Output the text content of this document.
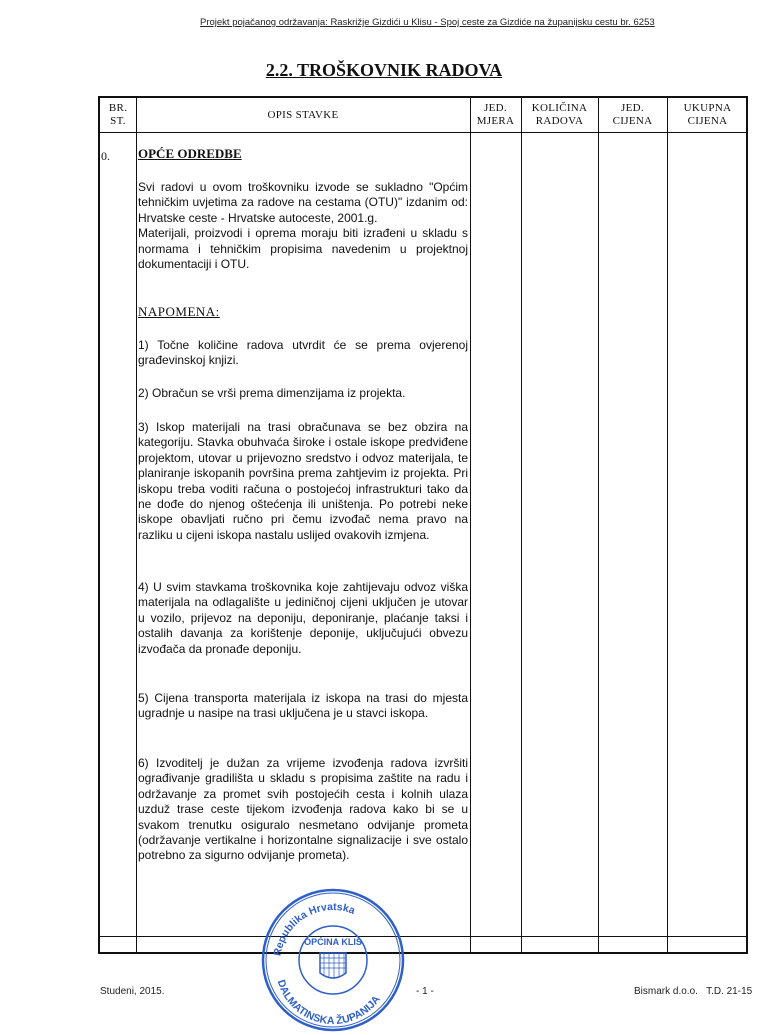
Projekt pojačanog održavanja: Raskrižje Gizdići u Klisu - Spoj ceste za Gizdiće na županijsku cestu br. 6253
2.2. TROŠKOVNIK RADOVA
BR.
ST.
OPIS STAVKE
JED.
MJERA
KOLIČINA
RADOVA
JED.
CIJENA
UKUPNA
CIJENA
0. OPĆE ODREDBE

Svi radovi u ovom troškovniku izvode se sukladno "Općim tehničkim uvjetima za radove na cestama (OTU)" izdanim od: Hrvatske ceste - Hrvatske autoceste, 2001.g.

Materijali, proizvodi i oprema moraju biti izrađeni u skladu s normama i tehničkim propisima navedenim u projektnoj dokumentaciji i OTU.

NAPOMENA:
1) Točne količine radova utvrdit će se prema ovjerenoj građevinskoj knjizi.
2) Obračun se vrši prema dimenzijama iz projekta.
3) Iskop materijali na trasi obračunava se bez obzira na kategoriju. Stavka obuhvaća široke i ostale iskope predviđene projektom, utovar u prijevozno sredstvo i odvoz materijala, te planiranje iskopanih površina prema zahtjevim iz projekta. Pri iskopu treba voditi računa o postojećoj infrastrukturi tako da ne dođe do njenog oštećenja ili uništenja. Po potrebi neke iskope obavljati ručno pri čemu izvođač nema pravo na razliku u cijeni iskopa nastalu uslijed ovakovih izmjena.
4) U svim stavkama troškovnika koje zahtijevaju odvoz viška materijala na odlagalište u jediničnoj cijeni uključen je utovar u vozilo, prijevoz na deponiju, deponiranje, plaćanje taksi i ostalih davanja za korištenje deponije, uključujući obvezu izvođača da pronađe deponiju.
5) Cijena transporta materijala iz iskopa na trasi do mjesta ugradnje u nasipe na trasi uključena je u stavci iskopa.
6) Izvoditelj je dužan za vrijeme izvođenja radova izvršiti ograđivanje gradilišta u skladu s propisima zaštite na radu i održavanje za promet svih postojećih cesta i kolnih ulaza uzduž trase ceste tijekom izvođenja radova kako bi se u svakom trenutku osiguralo nesmetano odvijanje prometa (održavanje vertikalne i horizontalne signalizacije i sve ostalo potrebno za sigurno odvijanje prometa).
Republika Hrvatska
DALMATINSKA ŽUPANIJA
OPĆINA KLIS
Studeni, 2015.	- 1 -	Bismark d.o.o.   T.D. 21-15
